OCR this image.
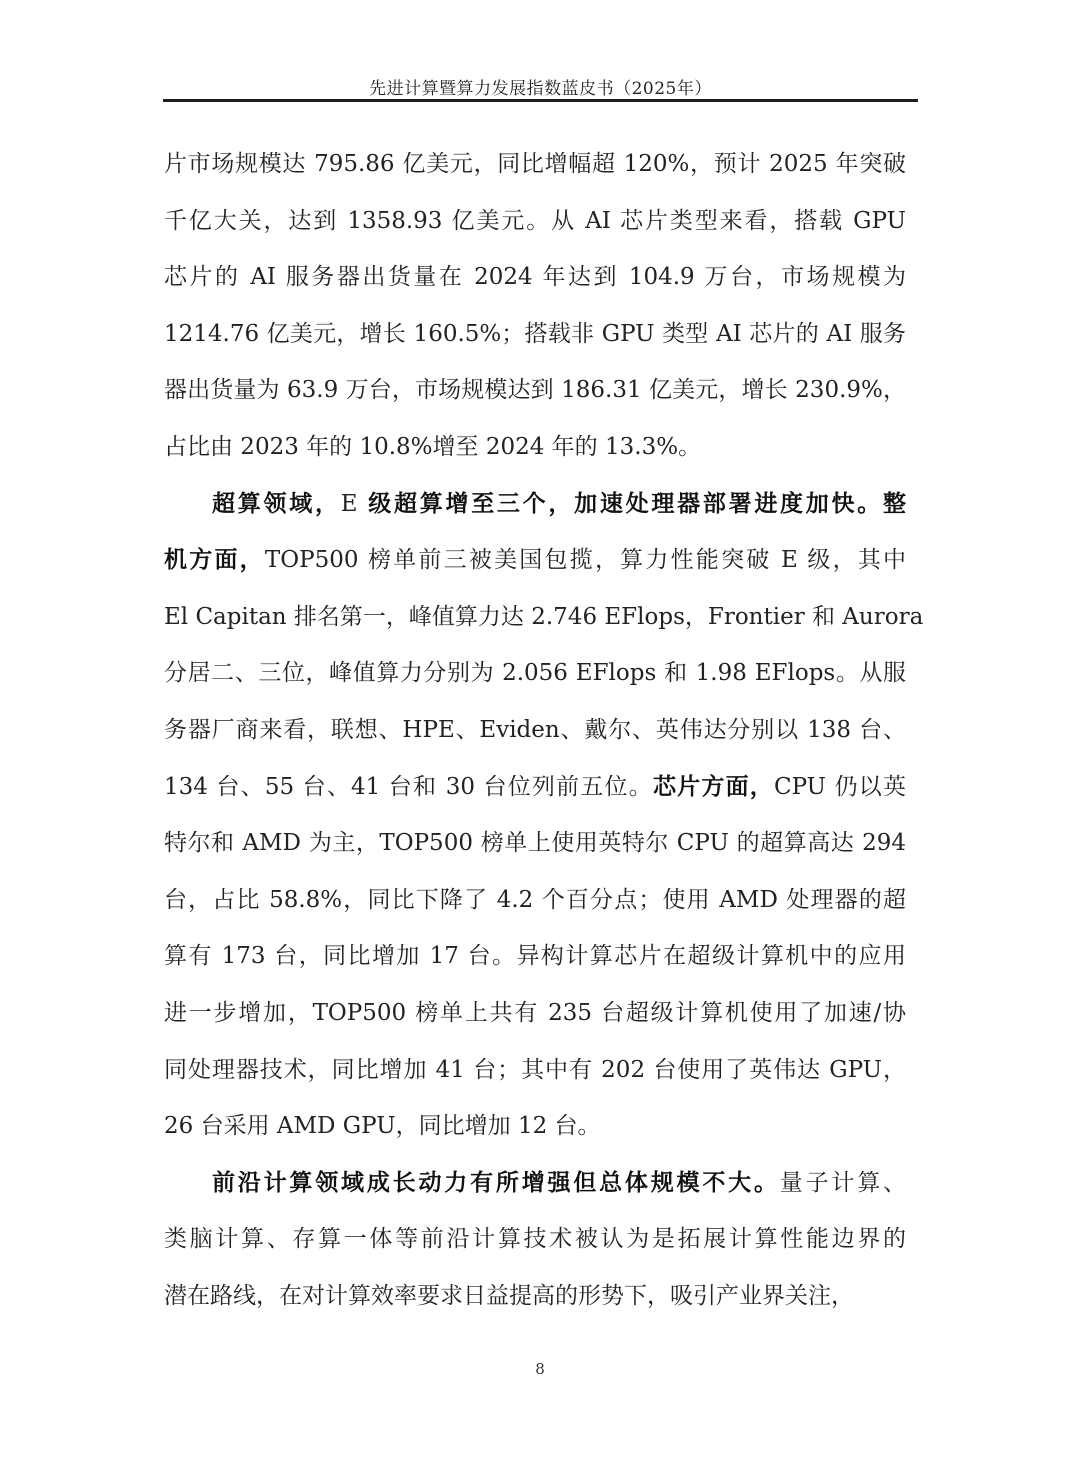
先进计算暨算力发展指数蓝皮书（2025年）
片市场规模达 795.86 亿美元，同比增幅超 120%，预计 2025 年突破
千亿大关，达到 1358.93 亿美元。从 AI 芯片类型来看，搭载 GPU
芯片的 AI 服务器出货量在 2024 年达到 104.9 万台，市场规模为
1214.76 亿美元，增长 160.5%；搭载非 GPU 类型 AI 芯片的 AI 服务
器出货量为 63.9 万台，市场规模达到 186.31 亿美元，增长 230.9%，
占比由 2023 年的 10.8%增至 2024 年的 13.3%。
超算领域，E 级超算增至三个，加速处理器部署进度加快。整
机方面，TOP500 榜单前三被美国包揽，算力性能突破 E 级，其中
El Capitan 排名第一，峰值算力达 2.746 EFlops，Frontier 和 Aurora
分居二、三位，峰值算力分别为 2.056 EFlops 和 1.98 EFlops。从服
务器厂商来看，联想、HPE、Eviden、戴尔、英伟达分别以 138 台、
134 台、55 台、41 台和 30 台位列前五位。芯片方面，CPU 仍以英
特尔和 AMD 为主，TOP500 榜单上使用英特尔 CPU 的超算高达 294
台，占比 58.8%，同比下降了 4.2 个百分点；使用 AMD 处理器的超
算有 173 台，同比增加 17 台。异构计算芯片在超级计算机中的应用
进一步增加，TOP500 榜单上共有 235 台超级计算机使用了加速/协
同处理器技术，同比增加 41 台；其中有 202 台使用了英伟达 GPU，
26 台采用 AMD GPU，同比增加 12 台。
前沿计算领域成长动力有所增强但总体规模不大。量子计算、
类脑计算、存算一体等前沿计算技术被认为是拓展计算性能边界的
潜在路线，在对计算效率要求日益提高的形势下，吸引产业界关注，
8
